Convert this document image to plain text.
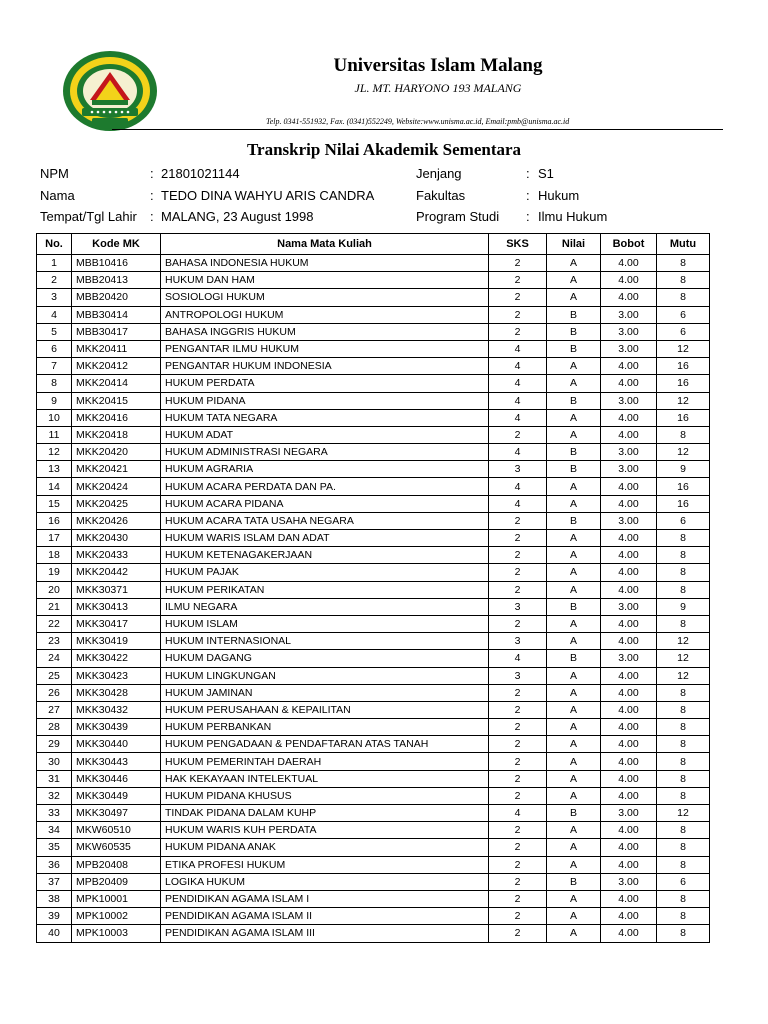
Universitas Islam Malang
JL. MT. HARYONO 193 MALANG
Telp. 0341-551932, Fax. (0341)552249, Website:www.unisma.ac.id, Email:pmb@unisma.ac.id
Transkrip Nilai Akademik Sementara
NPM	: 21801021144
Nama	: TEDO DINA WAHYU ARIS CANDRA
Tempat/Tgl Lahir : MALANG, 23 August 1998
Jenjang	: S1
Fakultas	: Hukum
Program Studi : Ilmu Hukum
No.	Kode MK	Nama Mata Kuliah	SKS	Nilai	Bobot	Mutu
1	MBB10416	BAHASA INDONESIA HUKUM	2	A	4.00	8
2	MBB20413	HUKUM DAN HAM	2	A	4.00	8
3	MBB20420	SOSIOLOGI HUKUM	2	A	4.00	8
4	MBB30414	ANTROPOLOGI HUKUM	2	B	3.00	6
5	MBB30417	BAHASA INGGRIS HUKUM	2	B	3.00	6
6	MKK20411	PENGANTAR ILMU HUKUM	4	B	3.00	12
7	MKK20412	PENGANTAR HUKUM INDONESIA	4	A	4.00	16
8	MKK20414	HUKUM PERDATA	4	A	4.00	16
9	MKK20415	HUKUM PIDANA	4	B	3.00	12
10	MKK20416	HUKUM TATA NEGARA	4	A	4.00	16
11	MKK20418	HUKUM ADAT	2	A	4.00	8
12	MKK20420	HUKUM ADMINISTRASI NEGARA	4	B	3.00	12
13	MKK20421	HUKUM AGRARIA	3	B	3.00	9
14	MKK20424	HUKUM ACARA PERDATA DAN PA.	4	A	4.00	16
15	MKK20425	HUKUM ACARA PIDANA	4	A	4.00	16
16	MKK20426	HUKUM ACARA TATA USAHA NEGARA	2	B	3.00	6
17	MKK20430	HUKUM WARIS ISLAM DAN ADAT	2	A	4.00	8
18	MKK20433	HUKUM KETENAGAKERJAAN	2	A	4.00	8
19	MKK20442	HUKUM PAJAK	2	A	4.00	8
20	MKK30371	HUKUM PERIKATAN	2	A	4.00	8
21	MKK30413	ILMU NEGARA	3	B	3.00	9
22	MKK30417	HUKUM ISLAM	2	A	4.00	8
23	MKK30419	HUKUM INTERNASIONAL	3	A	4.00	12
24	MKK30422	HUKUM DAGANG	4	B	3.00	12
25	MKK30423	HUKUM LINGKUNGAN	3	A	4.00	12
26	MKK30428	HUKUM JAMINAN	2	A	4.00	8
27	MKK30432	HUKUM PERUSAHAAN & KEPAILITAN	2	A	4.00	8
28	MKK30439	HUKUM PERBANKAN	2	A	4.00	8
29	MKK30440	HUKUM PENGADAAN & PENDAFTARAN ATAS TANAH	2	A	4.00	8
30	MKK30443	HUKUM PEMERINTAH DAERAH	2	A	4.00	8
31	MKK30446	HAK KEKAYAAN INTELEKTUAL	2	A	4.00	8
32	MKK30449	HUKUM PIDANA KHUSUS	2	A	4.00	8
33	MKK30497	TINDAK PIDANA DALAM KUHP	4	B	3.00	12
34	MKW60510	HUKUM WARIS KUH PERDATA	2	A	4.00	8
35	MKW60535	HUKUM PIDANA ANAK	2	A	4.00	8
36	MPB20408	ETIKA PROFESI HUKUM	2	A	4.00	8
37	MPB20409	LOGIKA HUKUM	2	B	3.00	6
38	MPK10001	PENDIDIKAN AGAMA ISLAM I	2	A	4.00	8
39	MPK10002	PENDIDIKAN AGAMA ISLAM II	2	A	4.00	8
40	MPK10003	PENDIDIKAN AGAMA ISLAM III	2	A	4.00	8
